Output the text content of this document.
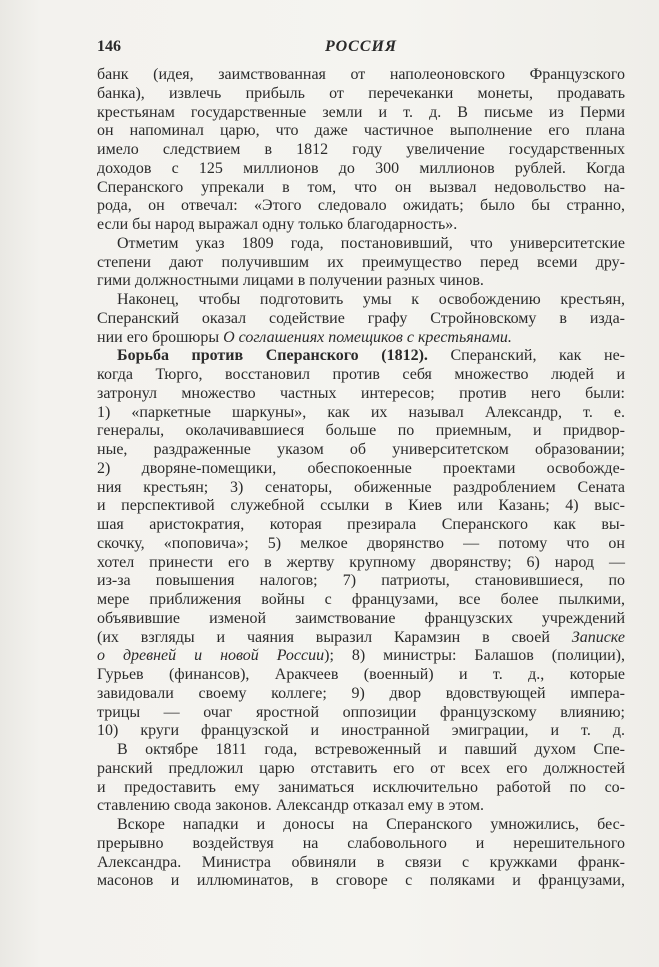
146	РОССИЯ
банк (идея, заимствованная от наполеоновского Французского
банка), извлечь прибыль от перечеканки монеты, продавать
крестьянам государственные земли и т. д. В письме из Перми
он напоминал царю, что даже частичное выполнение его плана
имело следствием в 1812 году увеличение государственных
доходов с 125 миллионов до 300 миллионов рублей. Когда
Сперанского упрекали в том, что он вызвал недовольство на-
рода, он отвечал: «Этого следовало ожидать; было бы странно,
если бы народ выражал одну только благодарность».
Отметим указ 1809 года, постановивший, что университетские
степени дают получившим их преимущество перед всеми дру-
гими должностными лицами в получении разных чинов.
Наконец, чтобы подготовить умы к освобождению крестьян,
Сперанский оказал содействие графу Стройновскому в изда-
нии его брошюры О соглашениях помещиков с крестьянами.
Борьба против Сперанского (1812). Сперанский, как не-
когда Тюрго, восстановил против себя множество людей и
затронул множество частных интересов; против него были:
1) «паркетные шаркуны», как их называл Александр, т. е.
генералы, околачивавшиеся больше по приемным, и придвор-
ные, раздраженные указом об университетском образовании;
2) дворяне-помещики, обеспокоенные проектами освобожде-
ния крестьян; 3) сенаторы, обиженные раздроблением Сената
и перспективой служебной ссылки в Киев или Казань; 4) выс-
шая аристократия, которая презирала Сперанского как вы-
скочку, «поповича»; 5) мелкое дворянство — потому что он
хотел принести его в жертву крупному дворянству; 6) народ —
из-за повышения налогов; 7) патриоты, становившиеся, по
мере приближения войны с французами, все более пылкими,
объявившие изменой заимствование французских учреждений
(их взгляды и чаяния выразил Карамзин в своей Записке
о древней и новой России); 8) министры: Балашов (полиции),
Гурьев (финансов), Аракчеев (военный) и т. д., которые
завидовали своему коллеге; 9) двор вдовствующей импера-
трицы — очаг яростной оппозиции французскому влиянию;
10) круги французской и иностранной эмиграции, и т. д.
В октябре 1811 года, встревоженный и павший духом Спе-
ранский предложил царю отставить его от всех его должностей
и предоставить ему заниматься исключительно работой по со-
ставлению свода законов. Александр отказал ему в этом.
Вскоре нападки и доносы на Сперанского умножились, бес-
прерывно воздействуя на слабовольного и нерешительного
Александра. Министра обвиняли в связи с кружками франк-
масонов и иллюминатов, в сговоре с поляками и французами,
